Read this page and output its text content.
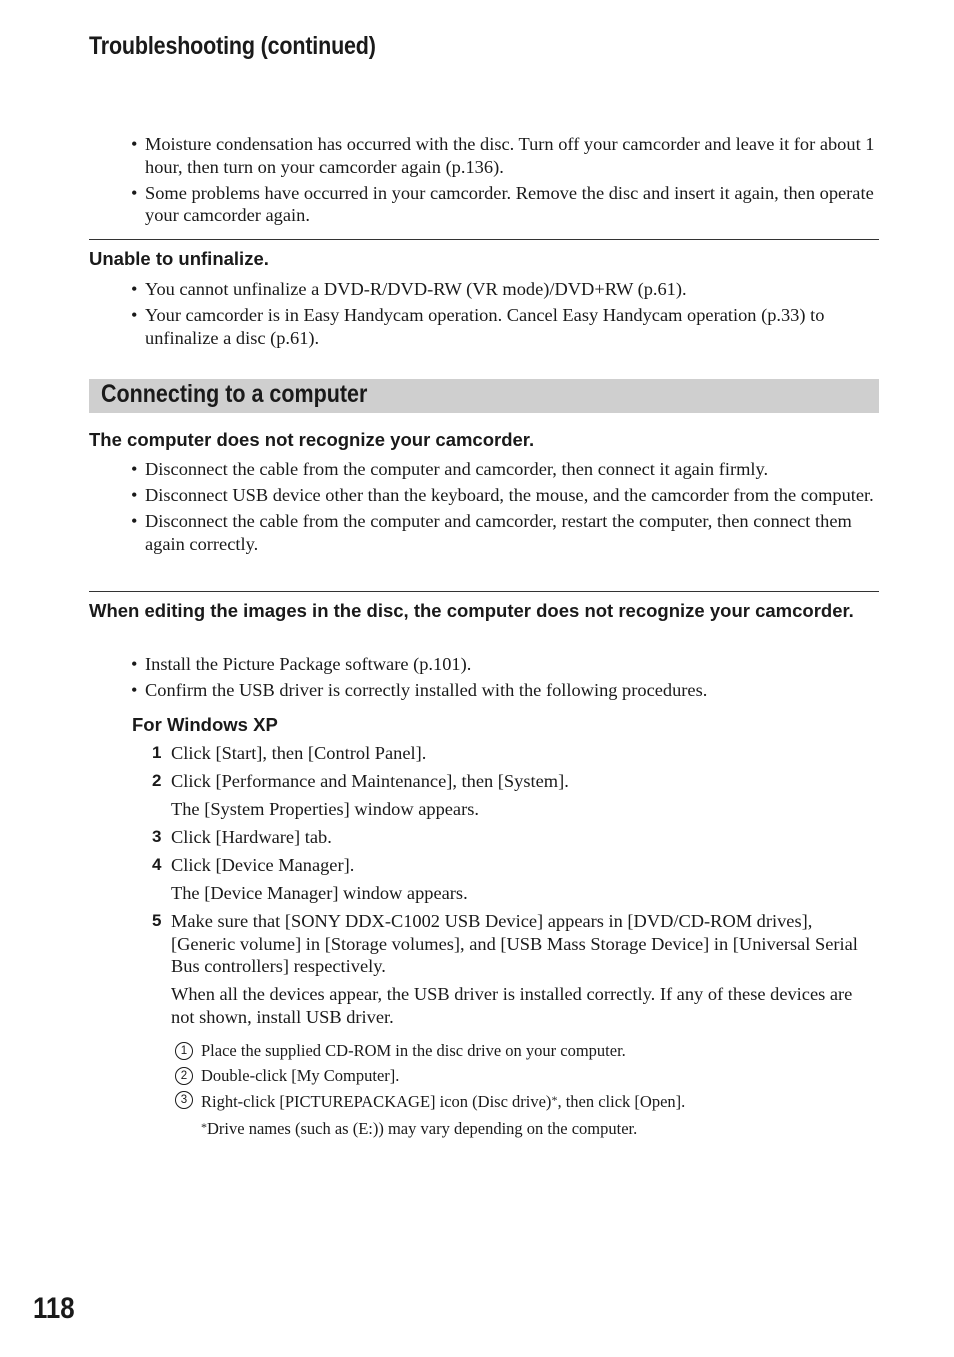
Troubleshooting (continued)
• Moisture condensation has occurred with the disc. Turn off your camcorder and leave it for about 1 hour, then turn on your camcorder again (p.136).
• Some problems have occurred in your camcorder. Remove the disc and insert it again, then operate your camcorder again.
Unable to unfinalize.
• You cannot unfinalize a DVD-R/DVD-RW (VR mode)/DVD+RW (p.61).
• Your camcorder is in Easy Handycam operation. Cancel Easy Handycam operation (p.33) to unfinalize a disc (p.61).
Connecting to a computer
The computer does not recognize your camcorder.
• Disconnect the cable from the computer and camcorder, then connect it again firmly.
• Disconnect USB device other than the keyboard, the mouse, and the camcorder from the computer.
• Disconnect the cable from the computer and camcorder, restart the computer, then connect them again correctly.
When editing the images in the disc, the computer does not recognize your camcorder.
• Install the Picture Package software (p.101).
• Confirm the USB driver is correctly installed with the following procedures.
For Windows XP
1 Click [Start], then [Control Panel].
2 Click [Performance and Maintenance], then [System].
The [System Properties] window appears.
3 Click [Hardware] tab.
4 Click [Device Manager].
The [Device Manager] window appears.
5 Make sure that [SONY DDX-C1002 USB Device] appears in [DVD/CD-ROM drives], [Generic volume] in [Storage volumes], and [USB Mass Storage Device] in [Universal Serial Bus controllers] respectively.
When all the devices appear, the USB driver is installed correctly. If any of these devices are not shown, install USB driver.
1 Place the supplied CD-ROM in the disc drive on your computer.
2 Double-click [My Computer].
3 Right-click [PICTUREPACKAGE] icon (Disc drive)*, then click [Open].
*Drive names (such as (E:)) may vary depending on the computer.
118
